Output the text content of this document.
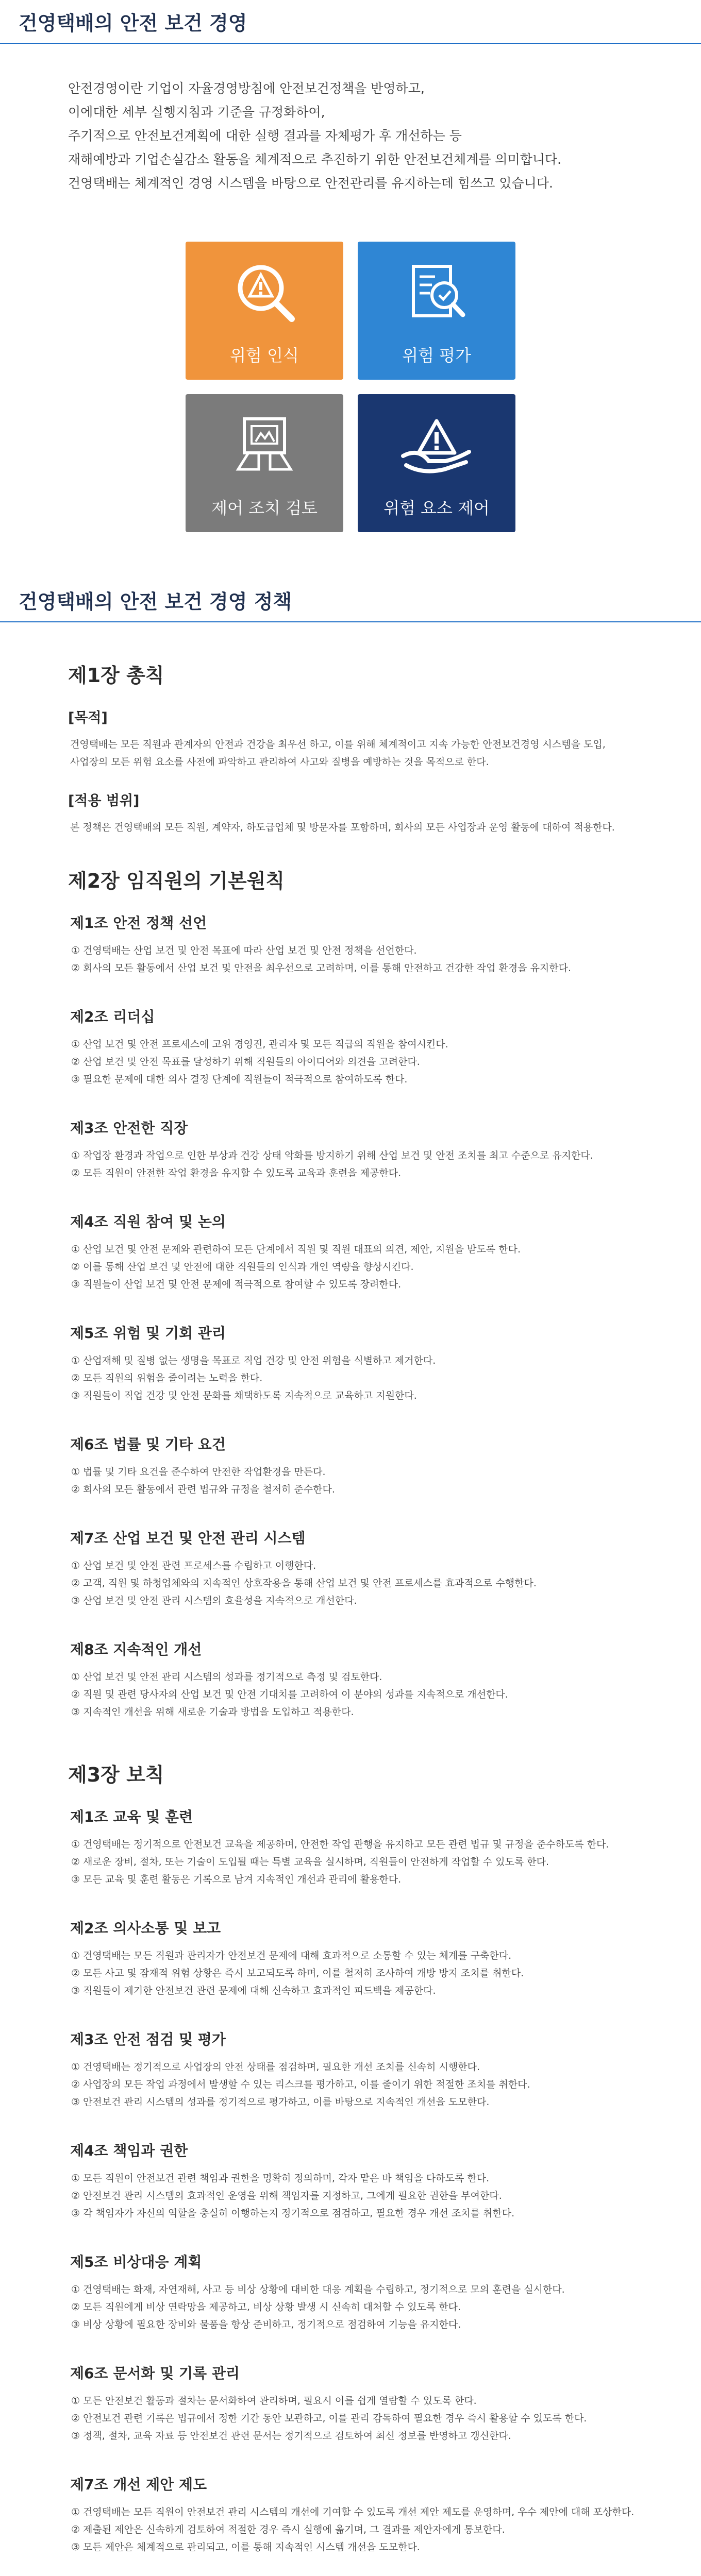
건영택배의 안전 보건 경영

안전경영이란 기업이 자율경영방침에 안전보건정책을 반영하고,

이에대한 세부 실행지침과 기준을 규정화하여,

주기적으로 안전보건계획에 대한 실행 결과를 자체평가 후 개선하는 등

재해예방과 기업손실감소 활동을 체계적으로 추진하기 위한 안전보건체계를 의미합니다.

건영택배는 체계적인 경영 시스템을 바탕으로 안전관리를 유지하는데 힘쓰고 있습니다.

위험 인식	위험 평가
제어 조치 검토	위험 요소 제어
건영택배의 안전 보건 경영 정책
제1장 총칙
[목적]

건영택배는 모든 직원과 관계자의 안전과 건강을 최우선 하고, 이를 위해 체계적이고 지속 가능한 안전보건경영 시스템을 도입,

사업장의 모든 위험 요소를 사전에 파악하고 관리하여 사고와 질병을 예방하는 것을 목적으로 한다.

[적용 범위]

본 정책은 건영택배의 모든 직원, 계약자, 하도급업체 및 방문자를 포함하며, 회사의 모든 사업장과 운영 활동에 대하여 적용한다.

제2장 임직원의 기본원칙
제1조 안전 정책 선언
① 건영택배는 산업 보건 및 안전 목표에 따라 산업 보건 및 안전 정책을 선언한다.
② 회사의 모든 활동에서 산업 보건 및 안전을 최우선으로 고려하며, 이를 통해 안전하고 건강한 작업 환경을 유지한다.
제2조 리더십
① 산업 보건 및 안전 프로세스에 고위 경영진, 관리자 및 모든 직급의 직원을 참여시킨다.
② 산업 보건 및 안전 목표를 달성하기 위해 직원들의 아이디어와 의견을 고려한다.
③ 필요한 문제에 대한 의사 결정 단계에 직원들이 적극적으로 참여하도록 한다.
제3조 안전한 직장
① 작업장 환경과 작업으로 인한 부상과 건강 상태 악화를 방지하기 위해 산업 보건 및 안전 조치를 최고 수준으로 유지한다.
② 모든 직원이 안전한 작업 환경을 유지할 수 있도록 교육과 훈련을 제공한다.
제4조 직원 참여 및 논의
① 산업 보건 및 안전 문제와 관련하여 모든 단계에서 직원 및 직원 대표의 의견, 제안, 지원을 받도록 한다.
② 이를 통해 산업 보건 및 안전에 대한 직원들의 인식과 개인 역량을 향상시킨다.
③ 직원들이 산업 보건 및 안전 문제에 적극적으로 참여할 수 있도록 장려한다.
제5조 위험 및 기회 관리
① 산업재해 및 질병 없는 생명을 목표로 직업 건강 및 안전 위험을 식별하고 제거한다.
② 모든 직원의 위험을 줄이려는 노력을 한다.
③ 직원들이 직업 건강 및 안전 문화를 채택하도록 지속적으로 교육하고 지원한다.
제6조 법률 및 기타 요건
① 법률 및 기타 요건을 준수하여 안전한 작업환경을 만든다.
② 회사의 모든 활동에서 관련 법규와 규정을 철저히 준수한다.
제7조 산업 보건 및 안전 관리 시스템
① 산업 보건 및 안전 관련 프로세스를 수립하고 이행한다.
② 고객, 직원 및 하청업체와의 지속적인 상호작용을 통해 산업 보건 및 안전 프로세스를 효과적으로 수행한다.
③ 산업 보건 및 안전 관리 시스템의 효율성을 지속적으로 개선한다.
제8조 지속적인 개선
① 산업 보건 및 안전 관리 시스템의 성과를 정기적으로 측정 및 검토한다.
② 직원 및 관련 당사자의 산업 보건 및 안전 기대치를 고려하여 이 분야의 성과를 지속적으로 개선한다.
③ 지속적인 개선을 위해 새로운 기술과 방법을 도입하고 적용한다.
제3장 보칙
제1조 교육 및 훈련
① 건영택배는 정기적으로 안전보건 교육을 제공하며, 안전한 작업 관행을 유지하고 모든 관련 법규 및 규정을 준수하도록 한다.
② 새로운 장비, 절차, 또는 기술이 도입될 때는 특별 교육을 실시하며, 직원들이 안전하게 작업할 수 있도록 한다.
③ 모든 교육 및 훈련 활동은 기록으로 남겨 지속적인 개선과 관리에 활용한다.
제2조 의사소통 및 보고
① 건영택배는 모든 직원과 관리자가 안전보건 문제에 대해 효과적으로 소통할 수 있는 체계를 구축한다.
② 모든 사고 및 잠재적 위험 상황은 즉시 보고되도록 하며, 이를 철저히 조사하여 개방 방지 조치를 취한다.
③ 직원들이 제기한 안전보건 관련 문제에 대해 신속하고 효과적인 피드백을 제공한다.
제3조 안전 점검 및 평가
① 건영택배는 정기적으로 사업장의 안전 상태를 점검하며, 필요한 개선 조치를 신속히 시행한다.
② 사업장의 모든 작업 과정에서 발생할 수 있는 리스크를 평가하고, 이를 줄이기 위한 적절한 조치를 취한다.
③ 안전보건 관리 시스템의 성과를 정기적으로 평가하고, 이를 바탕으로 지속적인 개선을 도모한다.
제4조 책임과 권한
① 모든 직원이 안전보건 관련 책임과 권한을 명확히 정의하며, 각자 맡은 바 책임을 다하도록 한다.
② 안전보건 관리 시스템의 효과적인 운영을 위해 책임자를 지정하고, 그에게 필요한 권한을 부여한다.
③ 각 책임자가 자신의 역할을 충실히 이행하는지 정기적으로 점검하고, 필요한 경우 개선 조치를 취한다.
제5조 비상대응 계획
① 건영택배는 화재, 자연재해, 사고 등 비상 상황에 대비한 대응 계획을 수립하고, 정기적으로 모의 훈련을 실시한다.
② 모든 직원에게 비상 연락망을 제공하고, 비상 상황 발생 시 신속히 대처할 수 있도록 한다.
③ 비상 상황에 필요한 장비와 물품을 항상 준비하고, 정기적으로 점검하여 기능을 유지한다.
제6조 문서화 및 기록 관리
① 모든 안전보건 활동과 절차는 문서화하여 관리하며, 필요시 이를 쉽게 열람할 수 있도록 한다.
② 안전보건 관련 기록은 법규에서 정한 기간 동안 보관하고, 이를 관리 감독하여 필요한 경우 즉시 활용할 수 있도록 한다.
③ 정책, 절차, 교육 자료 등 안전보건 관련 문서는 정기적으로 검토하여 최신 정보를 반영하고 갱신한다.
제7조 개선 제안 제도
① 건영택배는 모든 직원이 안전보건 관리 시스템의 개선에 기여할 수 있도록 개선 제안 제도를 운영하며, 우수 제안에 대해 포상한다.
② 제출된 제안은 신속하게 검토하여 적절한 경우 즉시 실행에 옮기며, 그 결과를 제안자에게 통보한다.
③ 모든 제안은 체계적으로 관리되고, 이를 통해 지속적인 시스템 개선을 도모한다.
